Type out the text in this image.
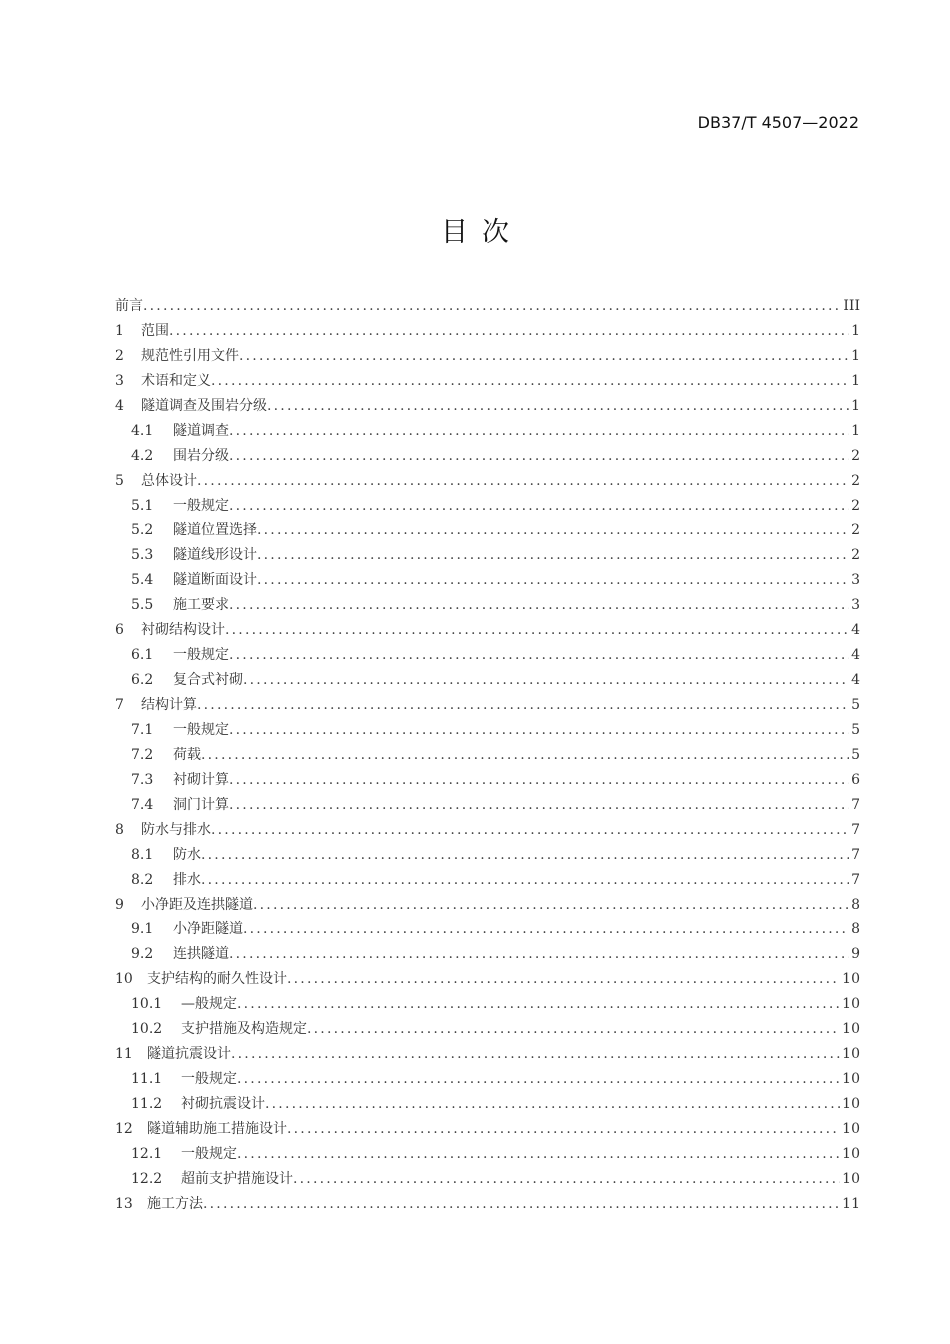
DB37/T 4507—2022
目次
前言 .....	III
1	范围 .....	1
2	规范性引用文件 .....	1
3	术语和定义 .....	1
4	隧道调查及围岩分级 .....	1
4.1	隧道调查 .....	1
4.2	围岩分级 .....	2
5	总体设计 .....	2
5.1	一般规定 .....	2
5.2	隧道位置选择 .....	2
5.3	隧道线形设计 .....	2
5.4	隧道断面设计 .....	3
5.5	施工要求 .....	3
6	衬砌结构设计 .....	4
6.1	一般规定 .....	4
6.2	复合式衬砌 .....	4
7	结构计算 .....	5
7.1	一般规定 .....	5
7.2	荷载 .....	5
7.3	衬砌计算 .....	6
7.4	洞门计算 .....	7
8	防水与排水 .....	7
8.1	防水 .....	7
8.2	排水 .....	7
9	小净距及连拱隧道 .....	8
9.1	小净距隧道 .....	8
9.2	连拱隧道 .....	9
10	支护结构的耐久性设计 .....	10
10.1	—般规定 .....	10
10.2	支护措施及构造规定 .....	10
11	隧道抗震设计 .....	10
11.1	一般规定 .....	10
11.2	衬砌抗震设计 .....	10
12	隧道辅助施工措施设计 .....	10
12.1	一般规定 .....	10
12.2	超前支护措施设计 .....	10
13	施工方法 .....	11
